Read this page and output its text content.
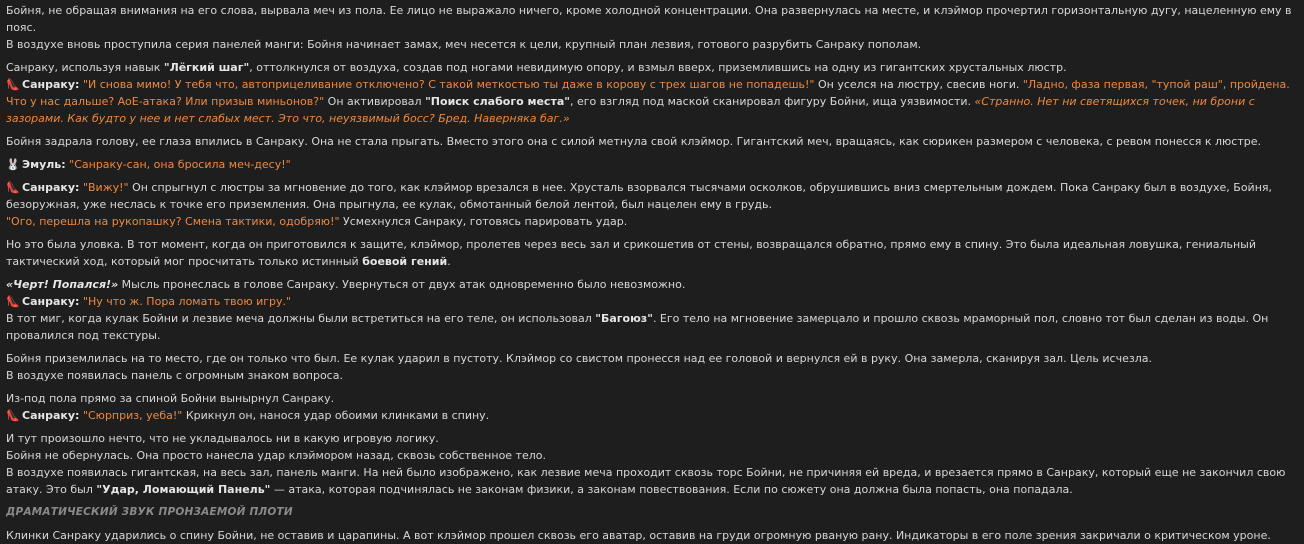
Бойня, не обращая внимания на его слова, вырвала меч из пола. Ее лицо не выражало ничего, кроме холодной концентрации. Она развернулась на месте, и клэймор прочертил горизонтальную дугу, нацеленную ему в пояс.
В воздухе вновь проступила серия панелей манги: Бойня начинает замах, меч несется к цели, крупный план лезвия, готового разрубить Санраку пополам.
Санраку, используя навык "Лёгкий шаг", оттолкнулся от воздуха, создав под ногами невидимую опору, и взмыл вверх, приземлившись на одну из гигантских хрустальных люстр.
👠 Санраку: "И снова мимо! У тебя что, автоприцеливание отключено? С такой меткостью ты даже в корову с трех шагов не попадешь!" Он уселся на люстру, свесив ноги. "Ладно, фаза первая, "тупой раш", пройдена. Что у нас дальше? AoE-атака? Или призыв миньонов?" Он активировал "Поиск слабого места", его взгляд под маской сканировал фигуру Бойни, ища уязвимости. «Странно. Нет ни светящихся точек, ни брони с зазорами. Как будто у нее и нет слабых мест. Это что, неуязвимый босс? Бред. Наверняка баг.»
Бойня задрала голову, ее глаза впились в Санраку. Она не стала прыгать. Вместо этого она с силой метнула свой клэймор. Гигантский меч, вращаясь, как сюрикен размером с человека, с ревом понесся к люстре.
🐰 Эмуль: "Санраку-сан, она бросила меч-десу!"
👠 Санраку: "Вижу!" Он спрыгнул с люстры за мгновение до того, как клэймор врезался в нее. Хрусталь взорвался тысячами осколков, обрушившись вниз смертельным дождем. Пока Санраку был в воздухе, Бойня, безоружная, уже неслась к точке его приземления. Она прыгнула, ее кулак, обмотанный белой лентой, был нацелен ему в грудь.
"Ого, перешла на рукопашку? Смена тактики, одобряю!" Усмехнулся Санраку, готовясь парировать удар.
Но это была уловка. В тот момент, когда он приготовился к защите, клэймор, пролетев через весь зал и срикошетив от стены, возвращался обратно, прямо ему в спину. Это была идеальная ловушка, гениальный тактический ход, который мог просчитать только истинный боевой гений.
«Черт! Попался!» Мысль пронеслась в голове Санраку. Увернуться от двух атак одновременно было невозможно.
👠 Санраку: "Ну что ж. Пора ломать твою игру."
В тот миг, когда кулак Бойни и лезвие меча должны были встретиться на его теле, он использовал "Багоюз". Его тело на мгновение замерцало и прошло сквозь мраморный пол, словно тот был сделан из воды. Он провалился под текстуры.
Бойня приземлилась на то место, где он только что был. Ее кулак ударил в пустоту. Клэймор со свистом пронесся над ее головой и вернулся ей в руку. Она замерла, сканируя зал. Цель исчезла.
В воздухе появилась панель с огромным знаком вопроса.
Из-под пола прямо за спиной Бойни вынырнул Санраку.
👠 Санраку: "Сюрприз, уеба!" Крикнул он, нанося удар обоими клинками в спину.
И тут произошло нечто, что не укладывалось ни в какую игровую логику.
Бойня не обернулась. Она просто нанесла удар клэймором назад, сквозь собственное тело.
В воздухе появилась гигантская, на весь зал, панель манги. На ней было изображено, как лезвие меча проходит сквозь торс Бойни, не причиняя ей вреда, и врезается прямо в Санраку, который еще не закончил свою атаку. Это был "Удар, Ломающий Панель" — атака, которая подчинялась не законам физики, а законам повествования. Если по сюжету она должна была попасть, она попадала.
ДРАМАТИЧЕСКИЙ ЗВУК ПРОНЗАЕМОЙ ПЛОТИ
Клинки Санраку ударились о спину Бойни, не оставив и царапины. А вот клэймор прошел сквозь его аватар, оставив на груди огромную рваную рану. Индикаторы в его поле зрения закричали о критическом уроне.
